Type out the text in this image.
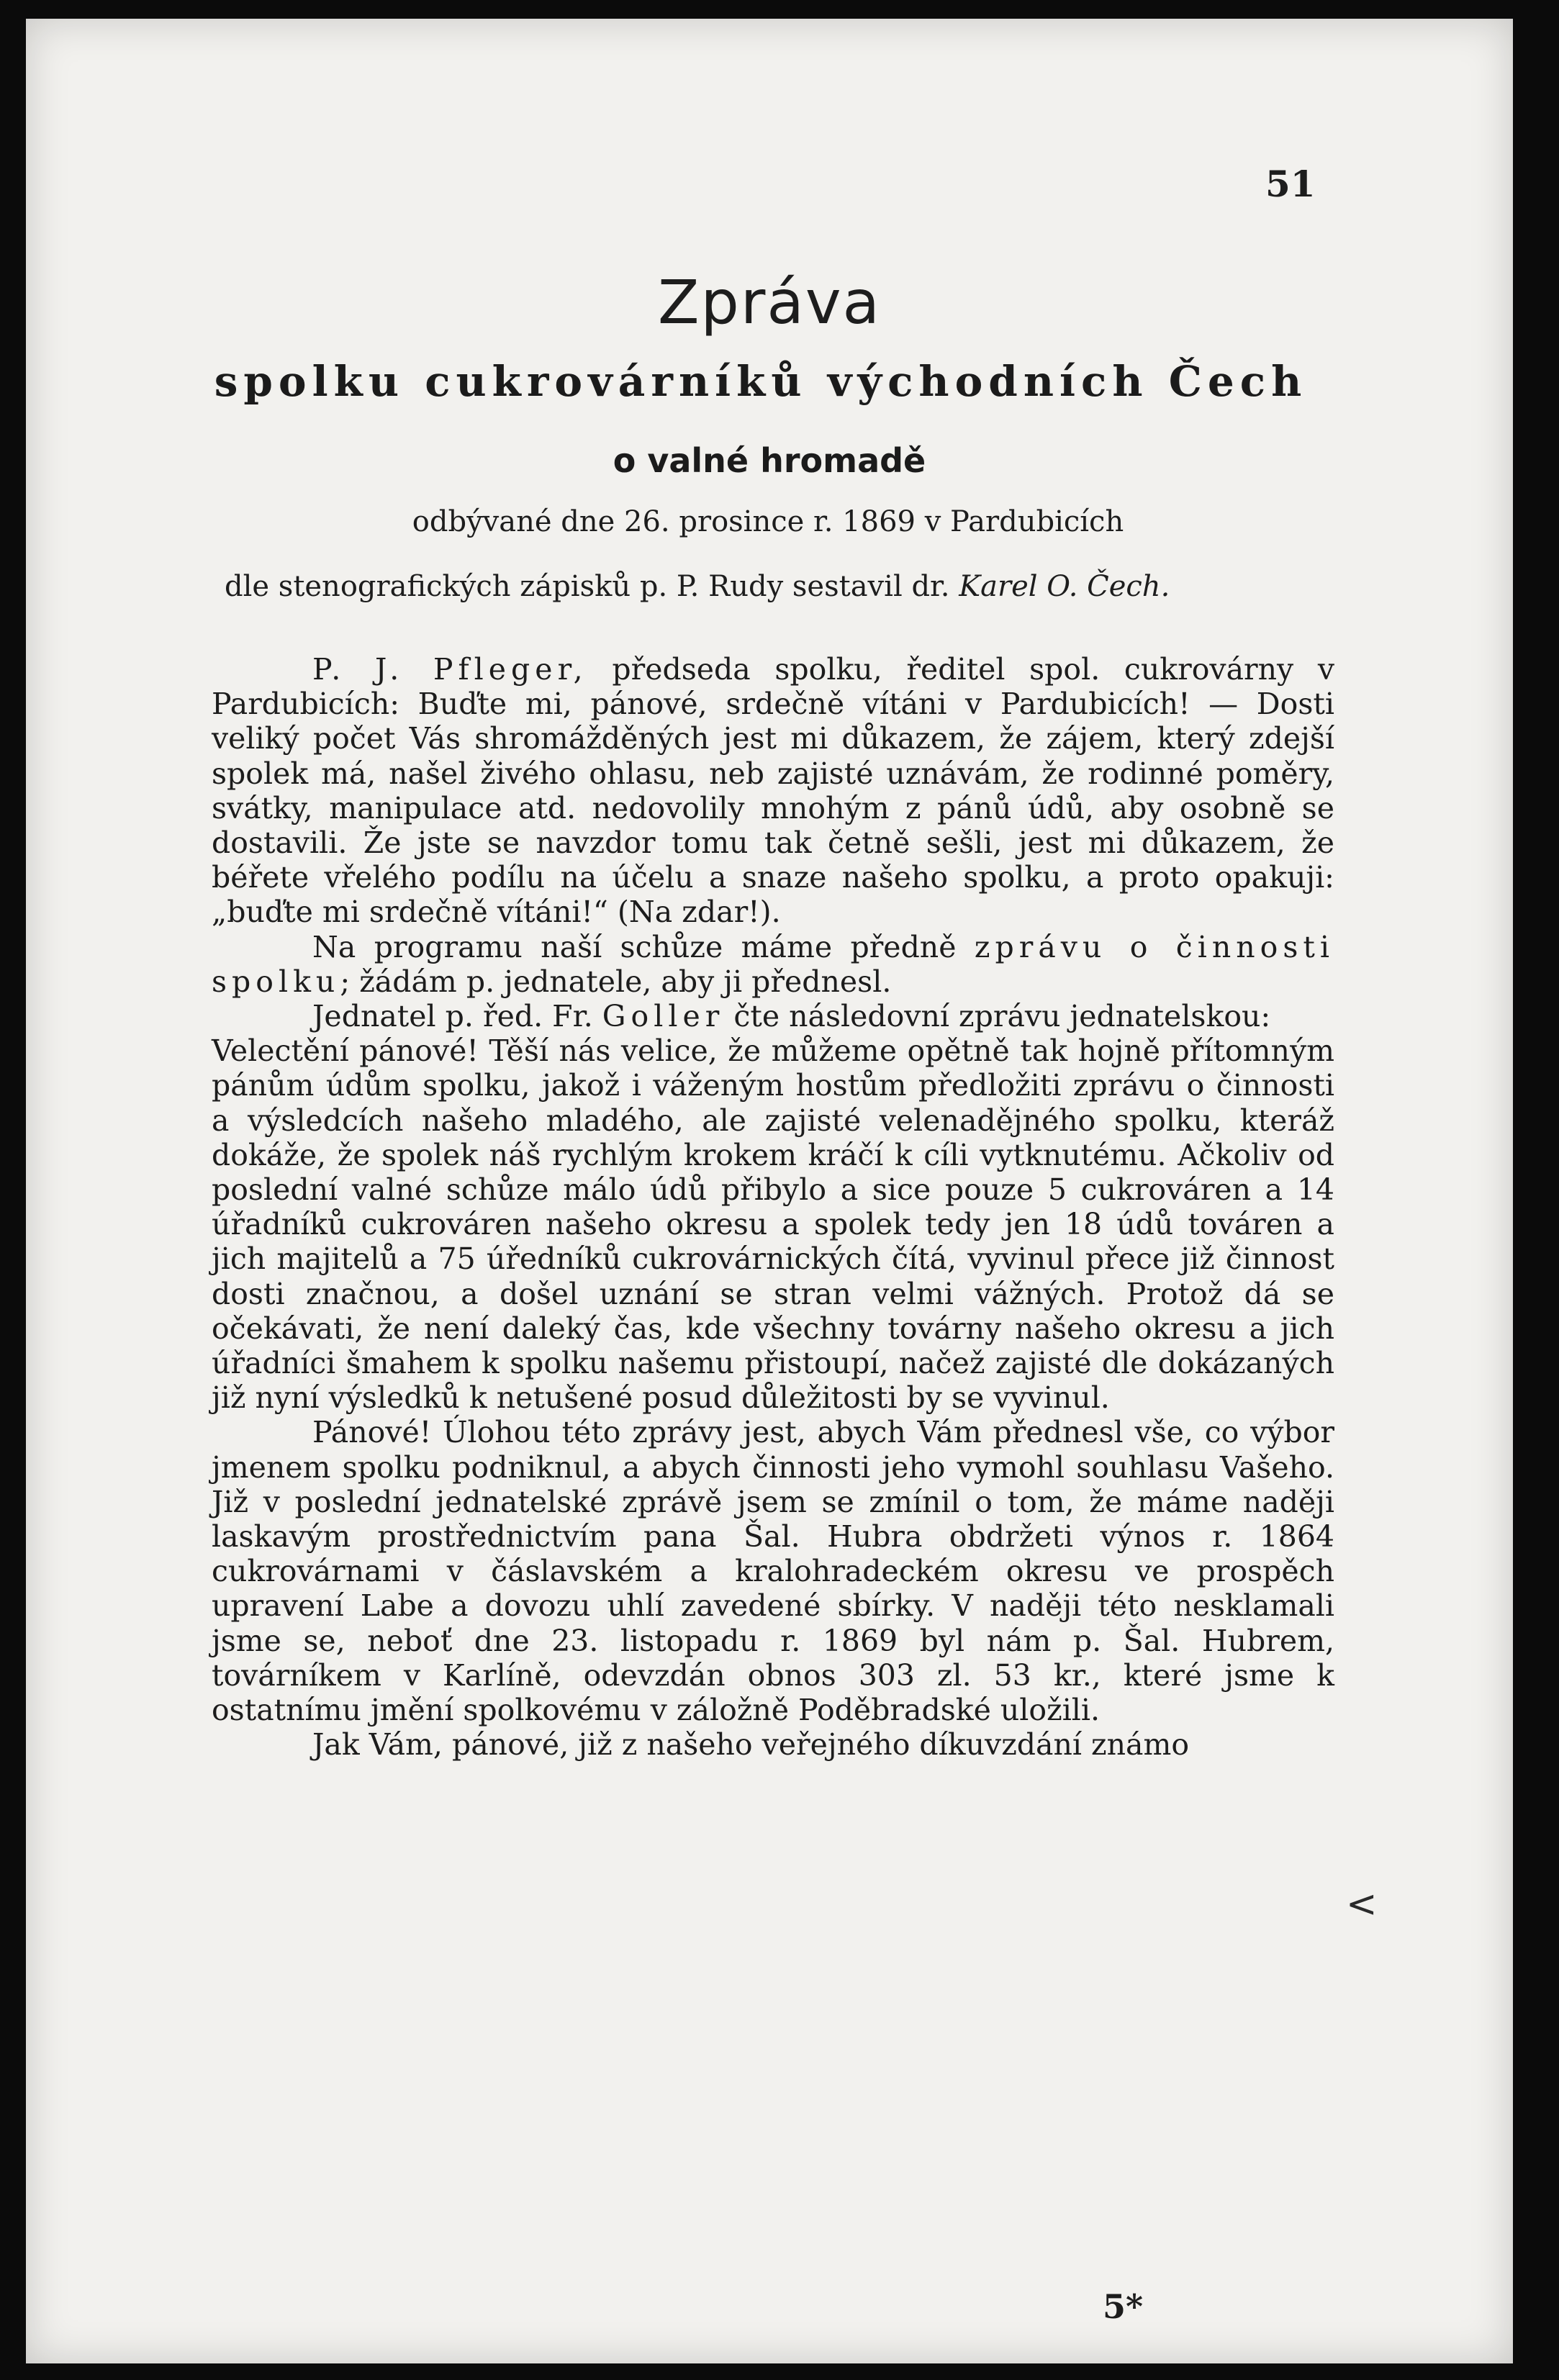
51
Zpráva
spolku cukrovárníků východních Čech
o valné hromadě
odbývané dne 26. prosince r. 1869 v Pardubicích
dle stenografických zápisků p. P. Rudy sestavil dr. Karel O. Čech.

P. J. Pfleger, předseda spolku, ředitel spol. cukrovárny v Pardubicích: Buďte mi, pánové, srdečně vítáni v Pardubicích! — Dosti veliký počet Vás shromážděných jest mi důkazem, že zájem, který zdejší spolek má, našel živého ohlasu, neb zajisté uznávám, že rodinné poměry, svátky, manipulace atd. nedovolily mnohým z pánů údů, aby osobně se dostavili. Že jste se navzdor tomu tak četně sešli, jest mi důkazem, že béřete vřelého podílu na účelu a snaze našeho spolku, a proto opakuji: „buďte mi srdečně vítáni!“ (Na zdar!).

Na programu naší schůze máme předně zprávu o činnosti spolku; žádám p. jednatele, aby ji přednesl.

Jednatel p. řed. Fr. Goller čte následovní zprávu jednatelskou:

Velectění pánové! Těší nás velice, že můžeme opětně tak hojně přítomným pánům údům spolku, jakož i váženým hostům předložiti zprávu o činnosti a výsledcích našeho mladého, ale zajisté velenadějného spolku, kteráž dokáže, že spolek náš rychlým krokem kráčí k cíli vytknutému. Ačkoliv od poslední valné schůze málo údů přibylo a sice pouze 5 cukrováren a 14 úřadníků cukrováren našeho okresu a spolek tedy jen 18 údů továren a jich majitelů a 75 úředníků cukrovárnických čítá, vyvinul přece již činnost dosti značnou, a došel uznání se stran velmi vážných. Protož dá se očekávati, že není daleký čas, kde všechny továrny našeho okresu a jich úřadníci šmahem k spolku našemu přistoupí, načež zajisté dle dokázaných již nyní výsledků k netušené posud důležitosti by se vyvinul.

Pánové! Úlohou této zprávy jest, abych Vám přednesl vše, co výbor jmenem spolku podniknul, a abych činnosti jeho vymohl souhlasu Vašeho. Již v poslední jednatelské zprávě jsem se zmínil o tom, že máme naději laskavým prostřednictvím pana Šal. Hubra obdržeti výnos r. 1864 cukrovárnami v čáslavském a kralohradeckém okresu ve prospěch upravení Labe a dovozu uhlí zavedené sbírky. V naději této nesklamali jsme se, neboť dne 23. listopadu r. 1869 byl nám p. Šal. Hubrem, továrníkem v Karlíně, odevzdán obnos 303 zl. 53 kr., které jsme k ostatnímu jmění spolkovému v záložně Poděbradské uložili.

Jak Vám, pánové, již z našeho veřejného díkuvzdání známo

<
5*
